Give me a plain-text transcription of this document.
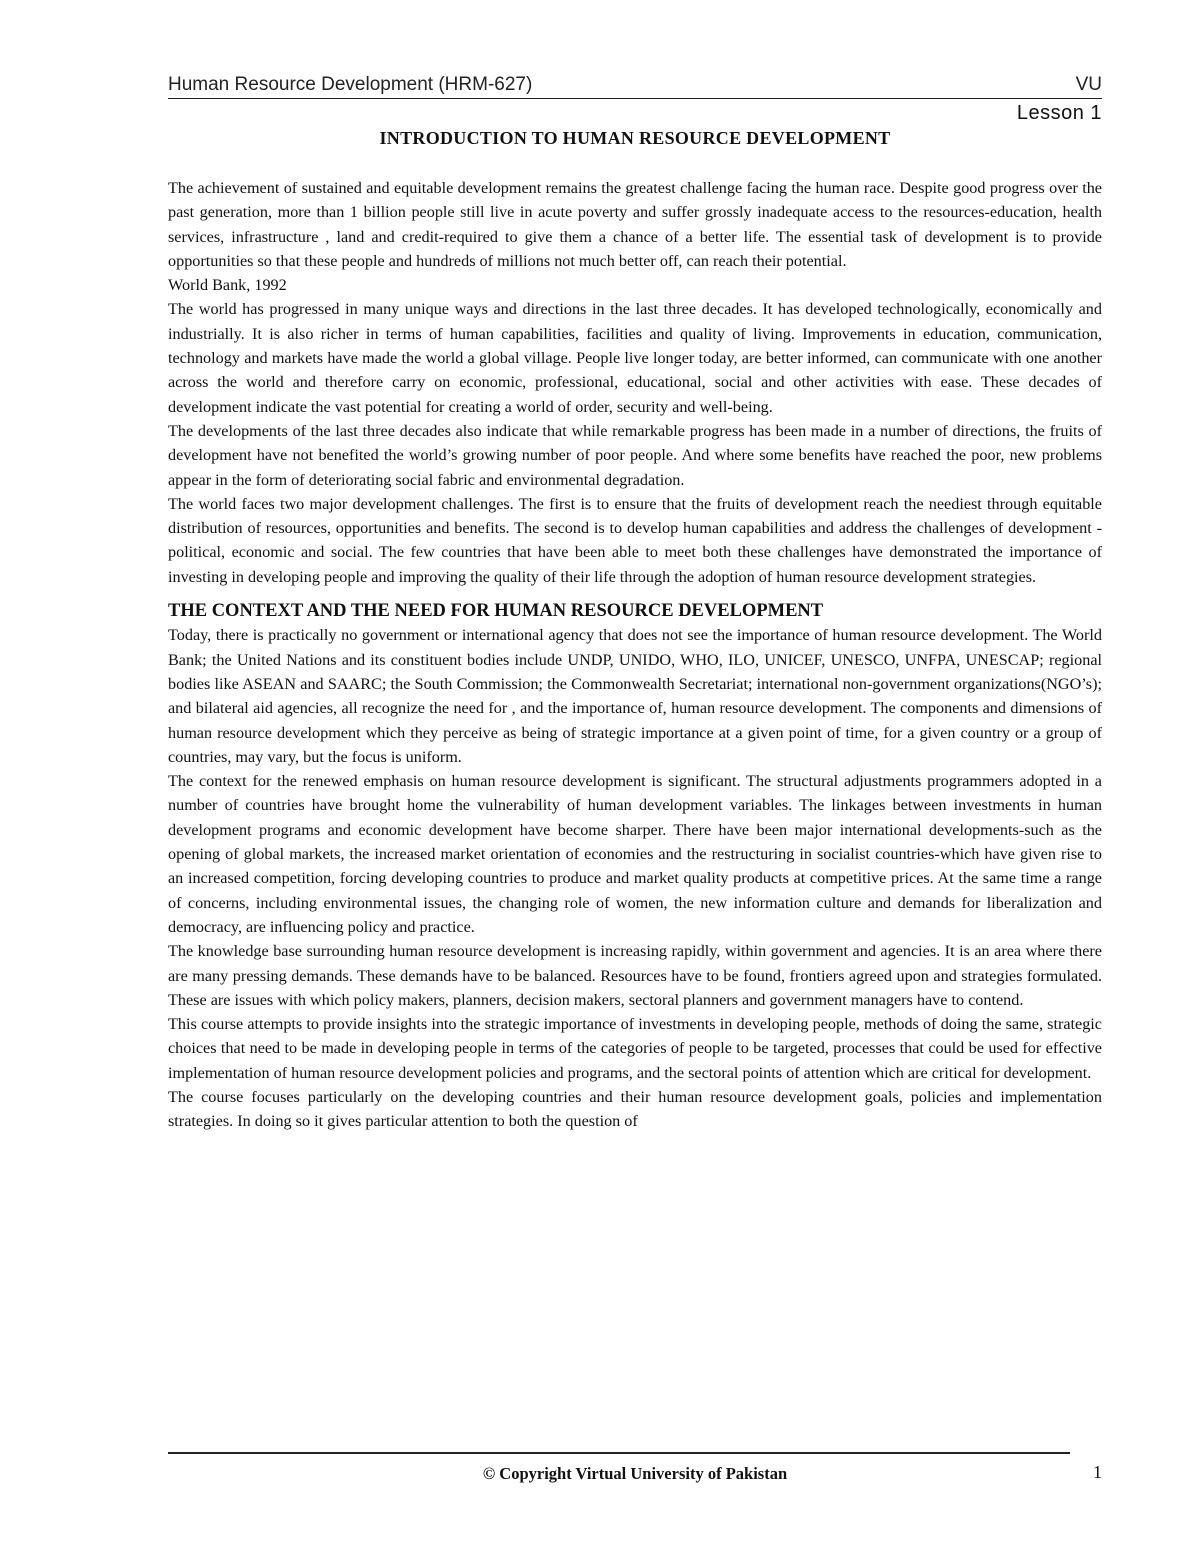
Human Resource Development (HRM-627)	VU
Lesson 1
INTRODUCTION TO HUMAN RESOURCE DEVELOPMENT

The achievement of sustained and equitable development remains the greatest challenge facing the human race. Despite good progress over the past generation, more than 1 billion people still live in acute poverty and suffer grossly inadequate access to the resources-education, health services, infrastructure , land and credit-required to give them a chance of a better life. The essential task of development is to provide opportunities so that these people and hundreds of millions not much better off, can reach their potential.

World Bank, 1992

The world has progressed in many unique ways and directions in the last three decades. It has developed technologically, economically and industrially. It is also richer in terms of human capabilities, facilities and quality of living. Improvements in education, communication, technology and markets have made the world a global village. People live longer today, are better informed, can communicate with one another across the world and therefore carry on economic, professional, educational, social and other activities with ease. These decades of development indicate the vast potential for creating a world of order, security and well-being.

The developments of the last three decades also indicate that while remarkable progress has been made in a number of directions, the fruits of development have not benefited the world’s growing number of poor people. And where some benefits have reached the poor, new problems appear in the form of deteriorating social fabric and environmental degradation.

The world faces two major development challenges. The first is to ensure that the fruits of development reach the neediest through equitable distribution of resources, opportunities and benefits. The second is to develop human capabilities and address the challenges of development - political, economic and social. The few countries that have been able to meet both these challenges have demonstrated the importance of investing in developing people and improving the quality of their life through the adoption of human resource development strategies.

THE CONTEXT AND THE NEED FOR HUMAN RESOURCE DEVELOPMENT

Today, there is practically no government or international agency that does not see the importance of human resource development. The World Bank; the United Nations and its constituent bodies include UNDP, UNIDO, WHO, ILO, UNICEF, UNESCO, UNFPA, UNESCAP; regional bodies like ASEAN and SAARC; the South Commission; the Commonwealth Secretariat; international non-government organizations(NGO’s); and bilateral aid agencies, all recognize the need for , and the importance of, human resource development. The components and dimensions of human resource development which they perceive as being of strategic importance at a given point of time, for a given country or a group of countries, may vary, but the focus is uniform.

The context for the renewed emphasis on human resource development is significant. The structural adjustments programmers adopted in a number of countries have brought home the vulnerability of human development variables. The linkages between investments in human development programs and economic development have become sharper. There have been major international developments-such as the opening of global markets, the increased market orientation of economies and the restructuring in socialist countries-which have given rise to an increased competition, forcing developing countries to produce and market quality products at competitive prices. At the same time a range of concerns, including environmental issues, the changing role of women, the new information culture and demands for liberalization and democracy, are influencing policy and practice.

The knowledge base surrounding human resource development is increasing rapidly, within government and agencies. It is an area where there are many pressing demands. These demands have to be balanced. Resources have to be found, frontiers agreed upon and strategies formulated. These are issues with which policy makers, planners, decision makers, sectoral planners and government managers have to contend.

This course attempts to provide insights into the strategic importance of investments in developing people, methods of doing the same, strategic choices that need to be made in developing people in terms of the categories of people to be targeted, processes that could be used for effective implementation of human resource development policies and programs, and the sectoral points of attention which are critical for development.

The course focuses particularly on the developing countries and their human resource development goals, policies and implementation strategies. In doing so it gives particular attention to both the question of

© Copyright Virtual University of Pakistan	1
